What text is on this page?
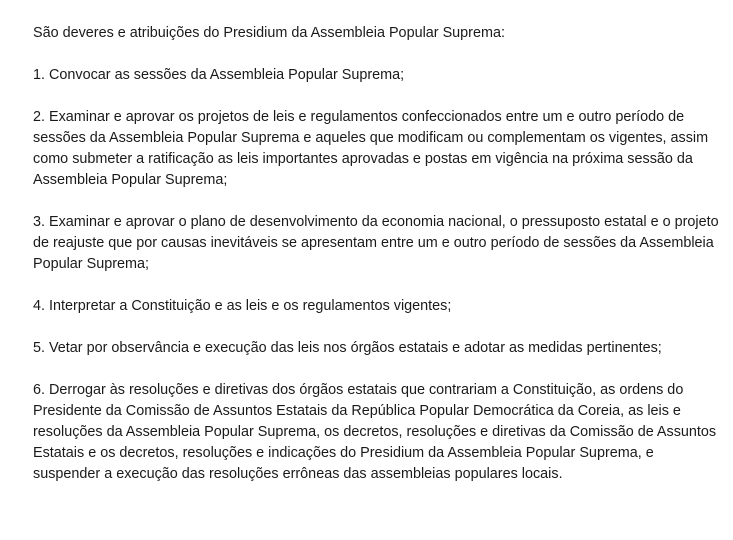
São deveres e atribuições do Presidium da Assembleia Popular Suprema:

1. Convocar as sessões da Assembleia Popular Suprema;

2. Examinar e aprovar os projetos de leis e regulamentos confeccionados entre um e outro período de sessões da Assembleia Popular Suprema e aqueles que modificam ou complementam os vigentes, assim como submeter a ratificação as leis importantes aprovadas e postas em vigência na próxima sessão da Assembleia Popular Suprema;

3. Examinar e aprovar o plano de desenvolvimento da economia nacional, o pressuposto estatal e o projeto de reajuste que por causas inevitáveis se apresentam entre um e outro período de sessões da Assembleia Popular Suprema;

4. Interpretar a Constituição e as leis e os regulamentos vigentes;

5. Vetar por observância e execução das leis nos órgãos estatais e adotar as medidas pertinentes;

6. Derrogar às resoluções e diretivas dos órgãos estatais que contrariam a Constituição, as ordens do Presidente da Comissão de Assuntos Estatais da República Popular Democrática da Coreia, as leis e resoluções da Assembleia Popular Suprema, os decretos, resoluções e diretivas da Comissão de Assuntos Estatais e os decretos, resoluções e indicações do Presidium da Assembleia Popular Suprema, e suspender a execução das resoluções errôneas das assembleias populares locais.
